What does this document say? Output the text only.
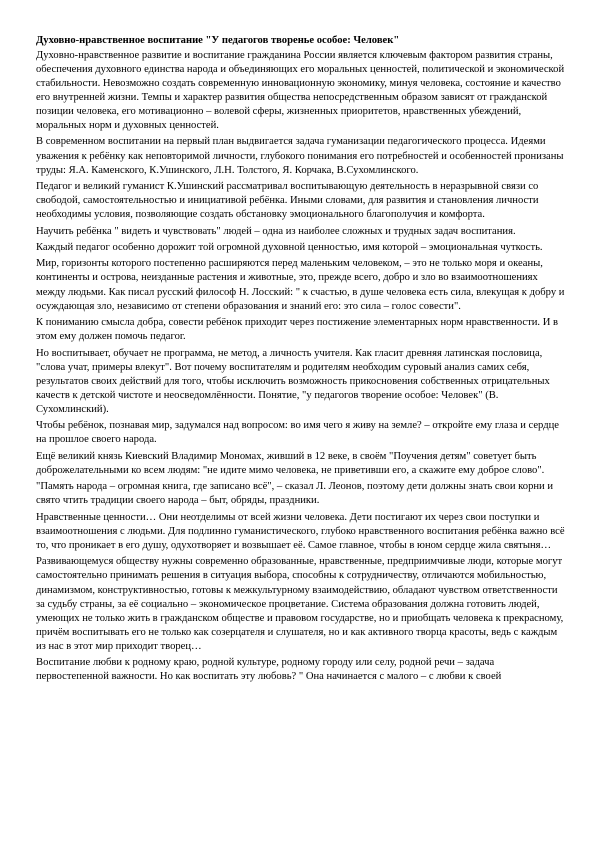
Духовно-нравственное воспитание "У педагогов творенье особое: Человек"

Духовно-нравственное развитие и воспитание гражданина России является ключевым фактором развития страны, обеспечения духовного единства народа и объединяющих его моральных ценностей, политической и экономической стабильности. Невозможно создать современную инновационную экономику, минуя человека, состояние и качество его внутренней жизни. Темпы и характер развития общества непосредственным образом зависят от гражданской позиции человека, его мотивационно – волевой сферы, жизненных приоритетов, нравственных убеждений, моральных норм и духовных ценностей.

В современном воспитании на первый план выдвигается задача гуманизации педагогического процесса. Идеями уважения к ребёнку как неповторимой личности, глубокого понимания его потребностей и особенностей пронизаны труды: Я.А. Каменского, К.Ушинского, Л.Н. Толстого, Я. Корчака, В.Сухомлинского.

Педагог и великий гуманист К.Ушинский рассматривал воспитывающую деятельность в неразрывной связи со свободой, самостоятельностью и инициативой ребёнка. Иными словами, для развития и становления личности необходимы условия, позволяющие создать обстановку эмоционального благополучия и комфорта.

Научить ребёнка " видеть и чувствовать" людей – одна из наиболее сложных и трудных задач воспитания.

Каждый педагог особенно дорожит той огромной духовной ценностью, имя которой – эмоциональная чуткость.

Мир, горизонты которого постепенно расширяются перед маленьким человеком, – это не только моря и океаны, континенты и острова, неизданные растения и животные, это, прежде всего, добро и зло во взаимоотношениях между людьми. Как писал русский философ Н. Лосский: " к счастью, в душе человека есть сила, влекущая к добру и осуждающая зло, независимо от степени образования и знаний его: это сила – голос совести".

К пониманию смысла добра, совести ребёнок приходит через постижение элементарных норм нравственности. И в этом ему должен помочь педагог.

Но воспитывает, обучает не программа, не метод, а личность учителя. Как гласит древняя латинская пословица, "слова учат, примеры влекут". Вот почему воспитателям и родителям необходим суровый анализ самих себя, результатов своих действий для того, чтобы исключить возможность прикосновения собственных отрицательных качеств к детской чистоте и неосведомлённости. Понятие, "у педагогов творение особое: Человек" (В. Сухомлинский).

Чтобы ребёнок, познавая мир, задумался над вопросом: во имя чего я живу на земле? – откройте ему глаза и сердце на прошлое своего народа.

Ещё великий князь Киевский Владимир Мономах, живший в 12 веке, в своём "Поучения детям" советует быть доброжелательными ко всем людям: "не идите мимо человека, не приветивши его, а скажите ему доброе слово".

"Память народа – огромная книга, где записано всё", – сказал Л. Леонов, поэтому дети должны знать свои корни и свято чтить традиции своего народа – быт, обряды, праздники.

Нравственные ценности… Они неотделимы от всей жизни человека. Дети постигают их через свои поступки и взаимоотношения с людьми. Для подлинно гуманистического, глубоко нравственного воспитания ребёнка важно всё то, что проникает в его душу, одухотворяет и возвышает её. Самое главное, чтобы в юном сердце жила святыня…

Развивающемуся обществу нужны современно образованные, нравственные, предприимчивые люди, которые могут самостоятельно принимать решения в ситуация выбора, способны к сотрудничеству, отличаются мобильностью, динамизмом, конструктивностью, готовы к межкультурному взаимодействию, обладают чувством ответственности за судьбу страны, за её социально – экономическое процветание. Система образования должна готовить людей, умеющих не только жить в гражданском обществе и правовом государстве, но и приобщать человека к прекрасному, причём воспитывать его не только как созерцателя и слушателя, но и как активного творца красоты, ведь с каждым из нас в этот мир приходит творец…

Воспитание любви к родному краю, родной культуре, родному городу или селу, родной речи – задача первостепенной важности. Но как воспитать эту любовь? " Она начинается с малого – с любви к своей
